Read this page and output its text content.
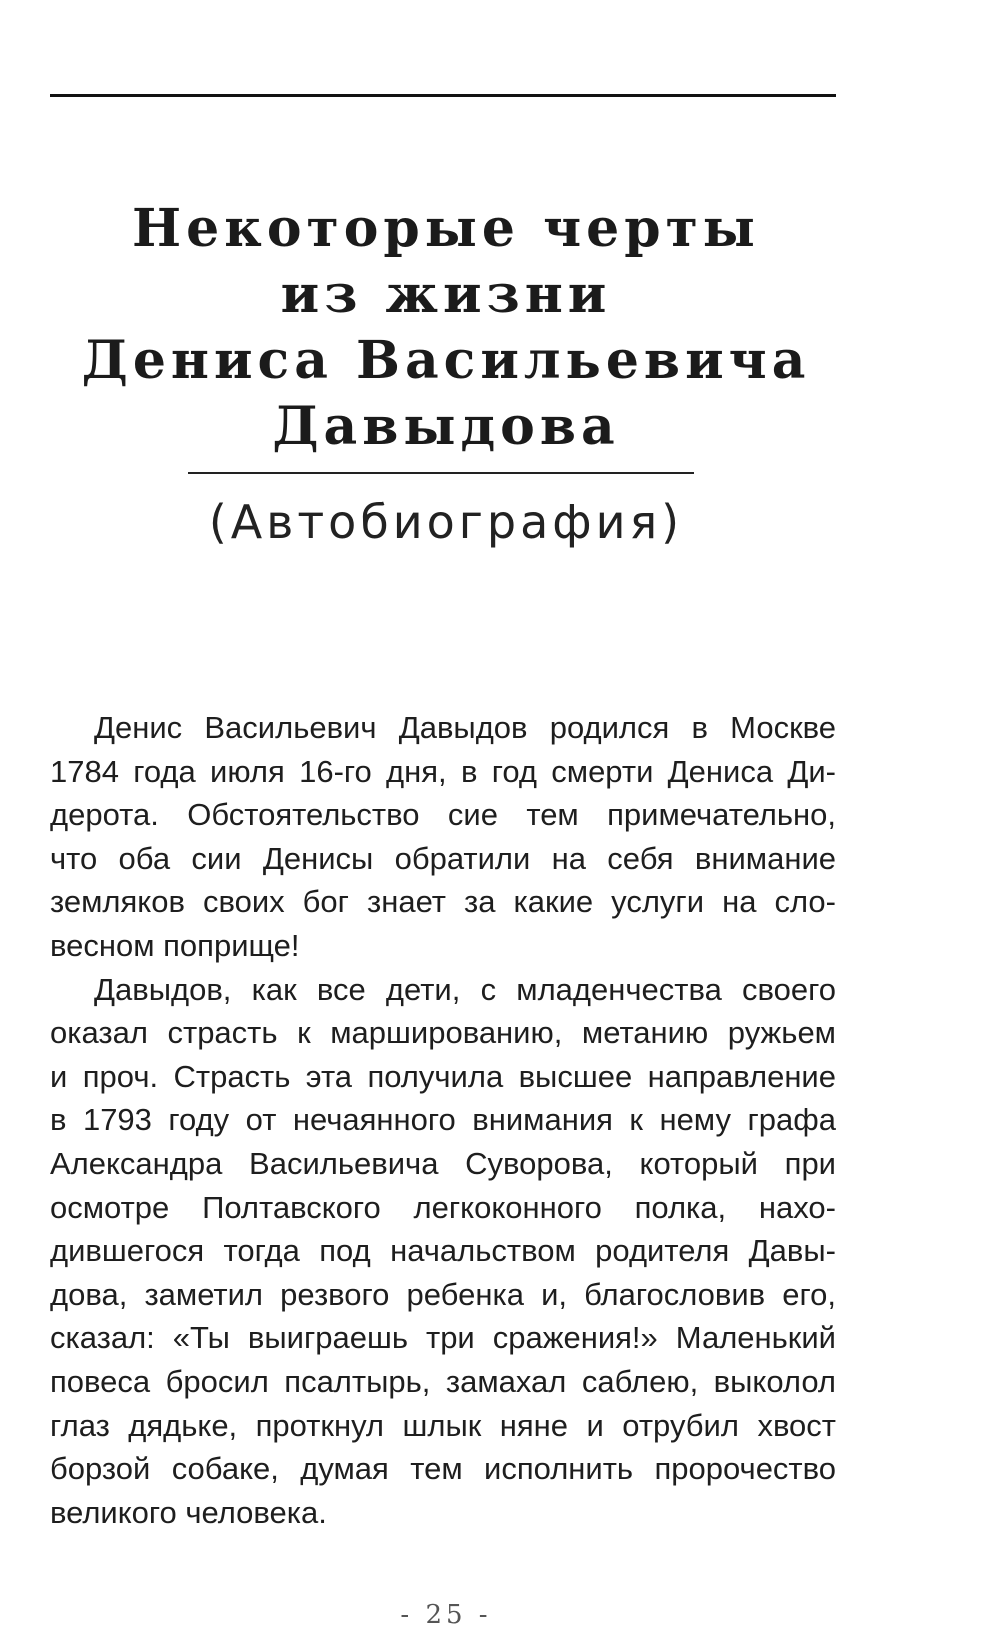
Некоторые черты
из жизни
Дениса Васильевича
Давыдова
(Автобиография)
Денис Васильевич Давыдов родился в Москве
1784 года июля 16-го дня, в год смерти Дениса Ди-
дерота. Обстоятельство сие тем примечательно,
что оба сии Денисы обратили на себя внимание
земляков своих бог знает за какие услуги на сло-
весном поприще!
Давыдов, как все дети, с младенчества своего
оказал страсть к маршированию, метанию ружьем
и проч. Страсть эта получила высшее направление
в 1793 году от нечаянного внимания к нему графа
Александра Васильевича Суворова, который при
осмотре Полтавского легкоконного полка, нахо-
дившегося тогда под начальством родителя Давы-
дова, заметил резвого ребенка и, благословив его,
сказал: «Ты выиграешь три сражения!» Маленький
повеса бросил псалтырь, замахал саблею, выколол
глаз дядьке, проткнул шлык няне и отрубил хвост
борзой собаке, думая тем исполнить пророчество
великого человека.
- 25 -
